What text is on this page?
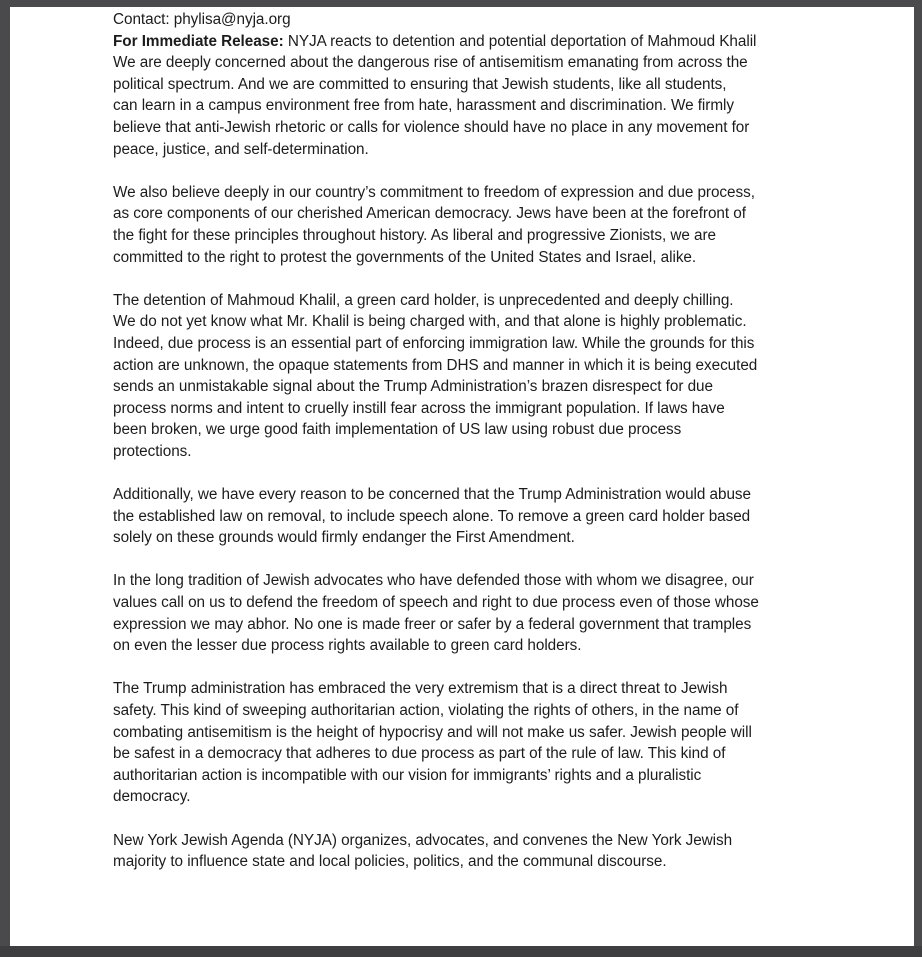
Contact: phylisa@nyja.org

For Immediate Release: NYJA reacts to detention and potential deportation of Mahmoud Khalil

We are deeply concerned about the dangerous rise of antisemitism emanating from across the

political spectrum. And we are committed to ensuring that Jewish students, like all students,

can learn in a campus environment free from hate, harassment and discrimination. We firmly

believe that anti-Jewish rhetoric or calls for violence should have no place in any movement for

peace, justice, and self-determination.

We also believe deeply in our country’s commitment to freedom of expression and due process,

as core components of our cherished American democracy. Jews have been at the forefront of

the fight for these principles throughout history. As liberal and progressive Zionists, we are

committed to the right to protest the governments of the United States and Israel, alike.

The detention of Mahmoud Khalil, a green card holder, is unprecedented and deeply chilling.

We do not yet know what Mr. Khalil is being charged with, and that alone is highly problematic.

Indeed, due process is an essential part of enforcing immigration law. While the grounds for this

action are unknown, the opaque statements from DHS and manner in which it is being executed

sends an unmistakable signal about the Trump Administration’s brazen disrespect for due

process norms and intent to cruelly instill fear across the immigrant population. If laws have

been broken, we urge good faith implementation of US law using robust due process

protections.

Additionally, we have every reason to be concerned that the Trump Administration would abuse

the established law on removal, to include speech alone. To remove a green card holder based

solely on these grounds would firmly endanger the First Amendment.

In the long tradition of Jewish advocates who have defended those with whom we disagree, our

values call on us to defend the freedom of speech and right to due process even of those whose

expression we may abhor. No one is made freer or safer by a federal government that tramples

on even the lesser due process rights available to green card holders.

The Trump administration has embraced the very extremism that is a direct threat to Jewish

safety. This kind of sweeping authoritarian action, violating the rights of others, in the name of

combating antisemitism is the height of hypocrisy and will not make us safer. Jewish people will

be safest in a democracy that adheres to due process as part of the rule of law. This kind of

authoritarian action is incompatible with our vision for immigrants’ rights and a pluralistic

democracy.

New York Jewish Agenda (NYJA) organizes, advocates, and convenes the New York Jewish

majority to influence state and local policies, politics, and the communal discourse.
